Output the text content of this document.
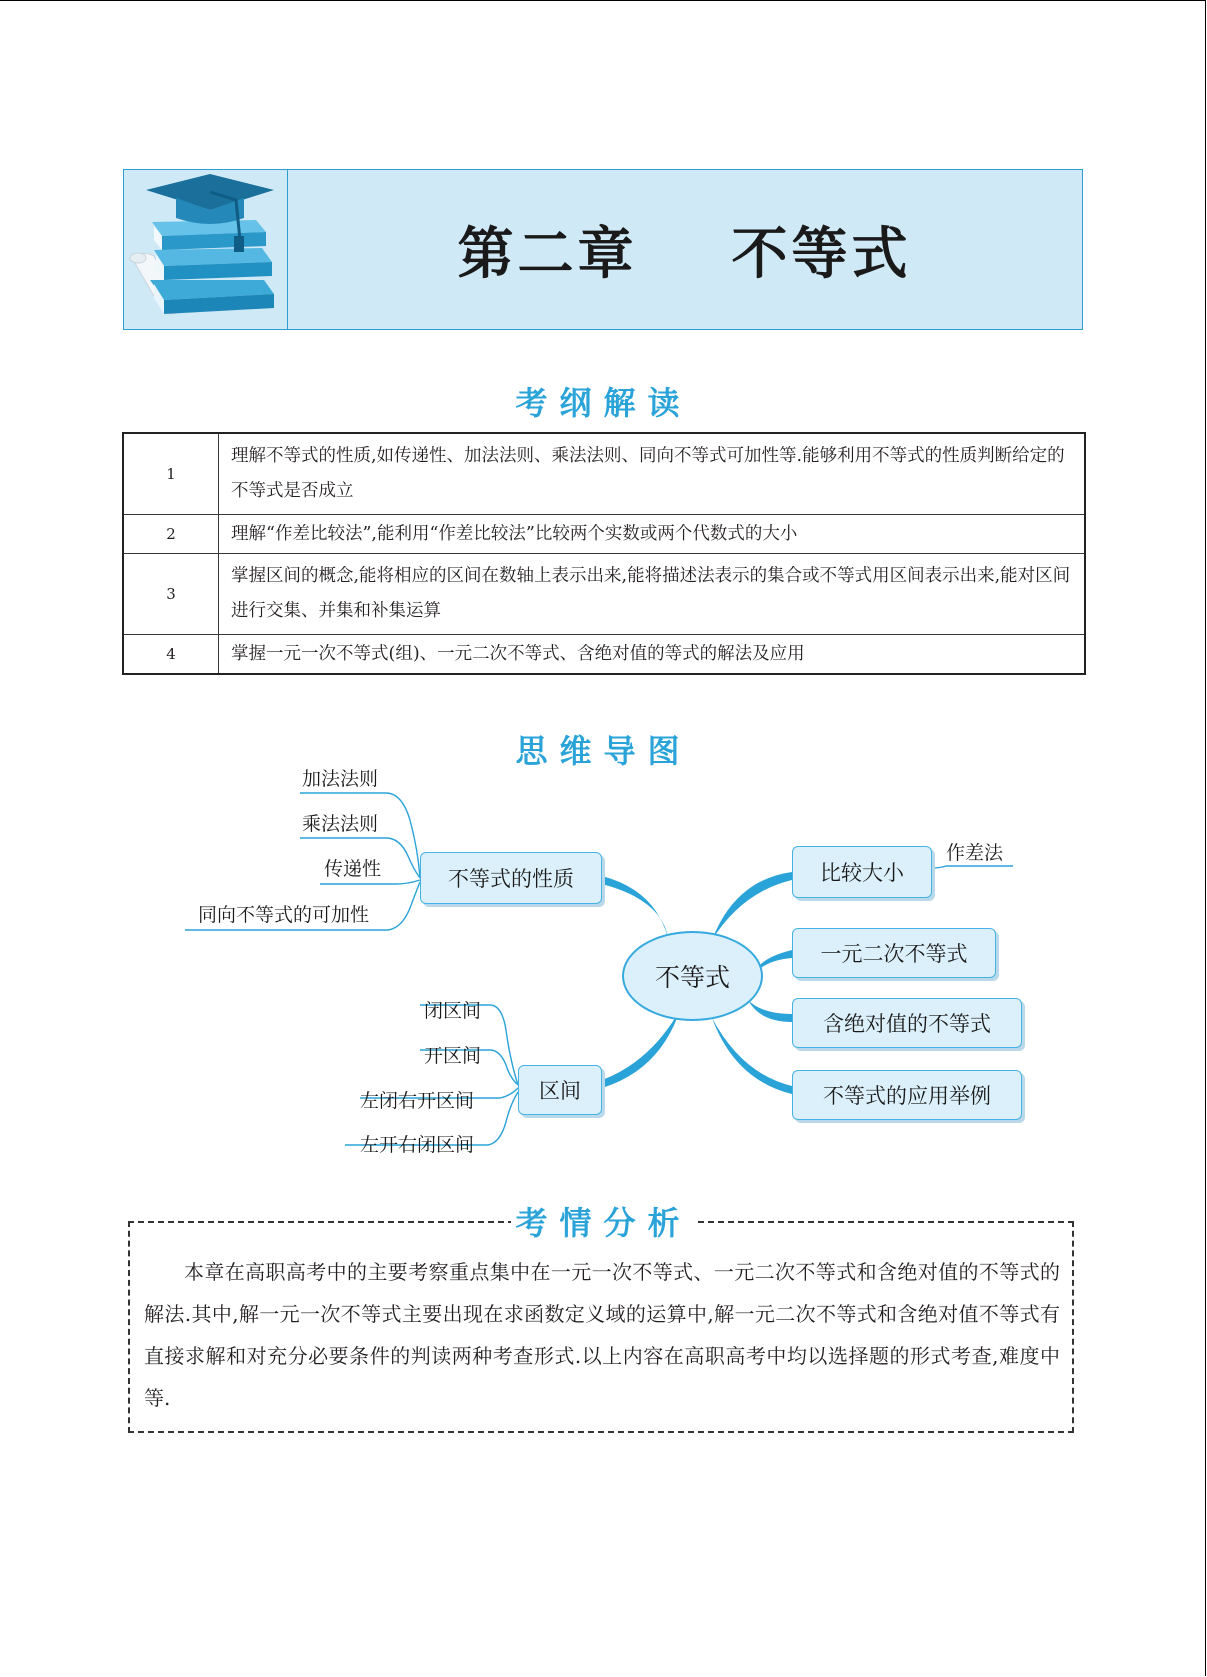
第二章    不等式
考纲解读
1	理解不等式的性质,如传递性、加法法则、乘法法则、同向不等式可加性等.能够利用不等式的性质判断给定的不等式是否成立
2	理解“作差比较法”,能利用“作差比较法”比较两个实数或两个代数式的大小
3	掌握区间的概念,能将相应的区间在数轴上表示出来,能将描述法表示的集合或不等式用区间表示出来,能对区间进行交集、并集和补集运算
4	掌握一元一次不等式(组)、一元二次不等式、含绝对值的等式的解法及应用
思维导图
加法法则
乘法法则
传递性
同向不等式的可加性
不等式的性质
闭区间
开区间
左闭右开区间
左开右闭区间
区间
不等式
比较大小
作差法
一元二次不等式
含绝对值的不等式
不等式的应用举例
考情分析
本章在高职高考中的主要考察重点集中在一元一次不等式、一元二次不等式和含绝对值的不等式的解法.其中,解一元一次不等式主要出现在求函数定义域的运算中,解一元二次不等式和含绝对值不等式有直接求解和对充分必要条件的判读两种考查形式.以上内容在高职高考中均以选择题的形式考查,难度中等.
